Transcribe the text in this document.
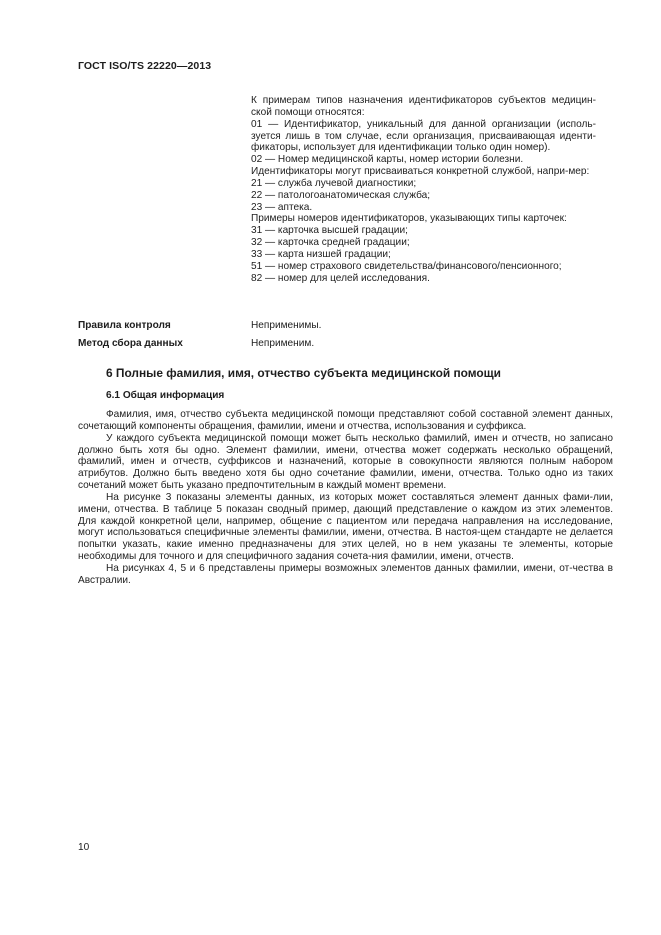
ГОСТ ISO/TS 22220—2013

К примерам типов назначения идентификаторов субъектов медицин-ской помощи относятся:

01 — Идентификатор, уникальный для данной организации (исполь-зуется лишь в том случае, если организация, присваивающая иденти-фикаторы, использует для идентификации только один номер).

02 — Номер медицинской карты, номер истории болезни.

Идентификаторы могут присваиваться конкретной службой, напри-мер:

21 — служба лучевой диагностики;

22 — патологоанатомическая служба;

23 — аптека.

Примеры номеров идентификаторов, указывающих типы карточек:

31 — карточка высшей градации;

32 — карточка средней градации;

33 — карта низшей градации;

51 — номер страхового свидетельства/финансового/пенсионного;

82 — номер для целей исследования.

Правила контроля	Неприменимы.
Метод сбора данных	Неприменим.
6 Полные фамилия, имя, отчество субъекта медицинской помощи
6.1 Общая информация

Фамилия, имя, отчество субъекта медицинской помощи представляют собой составной элемент данных, сочетающий компоненты обращения, фамилии, имени и отчества, использования и суффикса.

У каждого субъекта медицинской помощи может быть несколько фамилий, имен и отчеств, но записано должно быть хотя бы одно. Элемент фамилии, имени, отчества может содержать несколько обращений, фамилий, имен и отчеств, суффиксов и назначений, которые в совокупности являются полным набором атрибутов. Должно быть введено хотя бы одно сочетание фамилии, имени, отчества. Только одно из таких сочетаний может быть указано предпочтительным в каждый момент времени.

На рисунке 3 показаны элементы данных, из которых может составляться элемент данных фами-лии, имени, отчества. В таблице 5 показан сводный пример, дающий представление о каждом из этих элементов. Для каждой конкретной цели, например, общение с пациентом или передача направления на исследование, могут использоваться специфичные элементы фамилии, имени, отчества. В настоя-щем стандарте не делается попытки указать, какие именно предназначены для этих целей, но в нем указаны те элементы, которые необходимы для точного и для специфичного задания сочета-ния фамилии, имени, отчеств.

На рисунках 4, 5 и 6 представлены примеры возможных элементов данных фамилии, имени, от-чества в Австралии.

10
